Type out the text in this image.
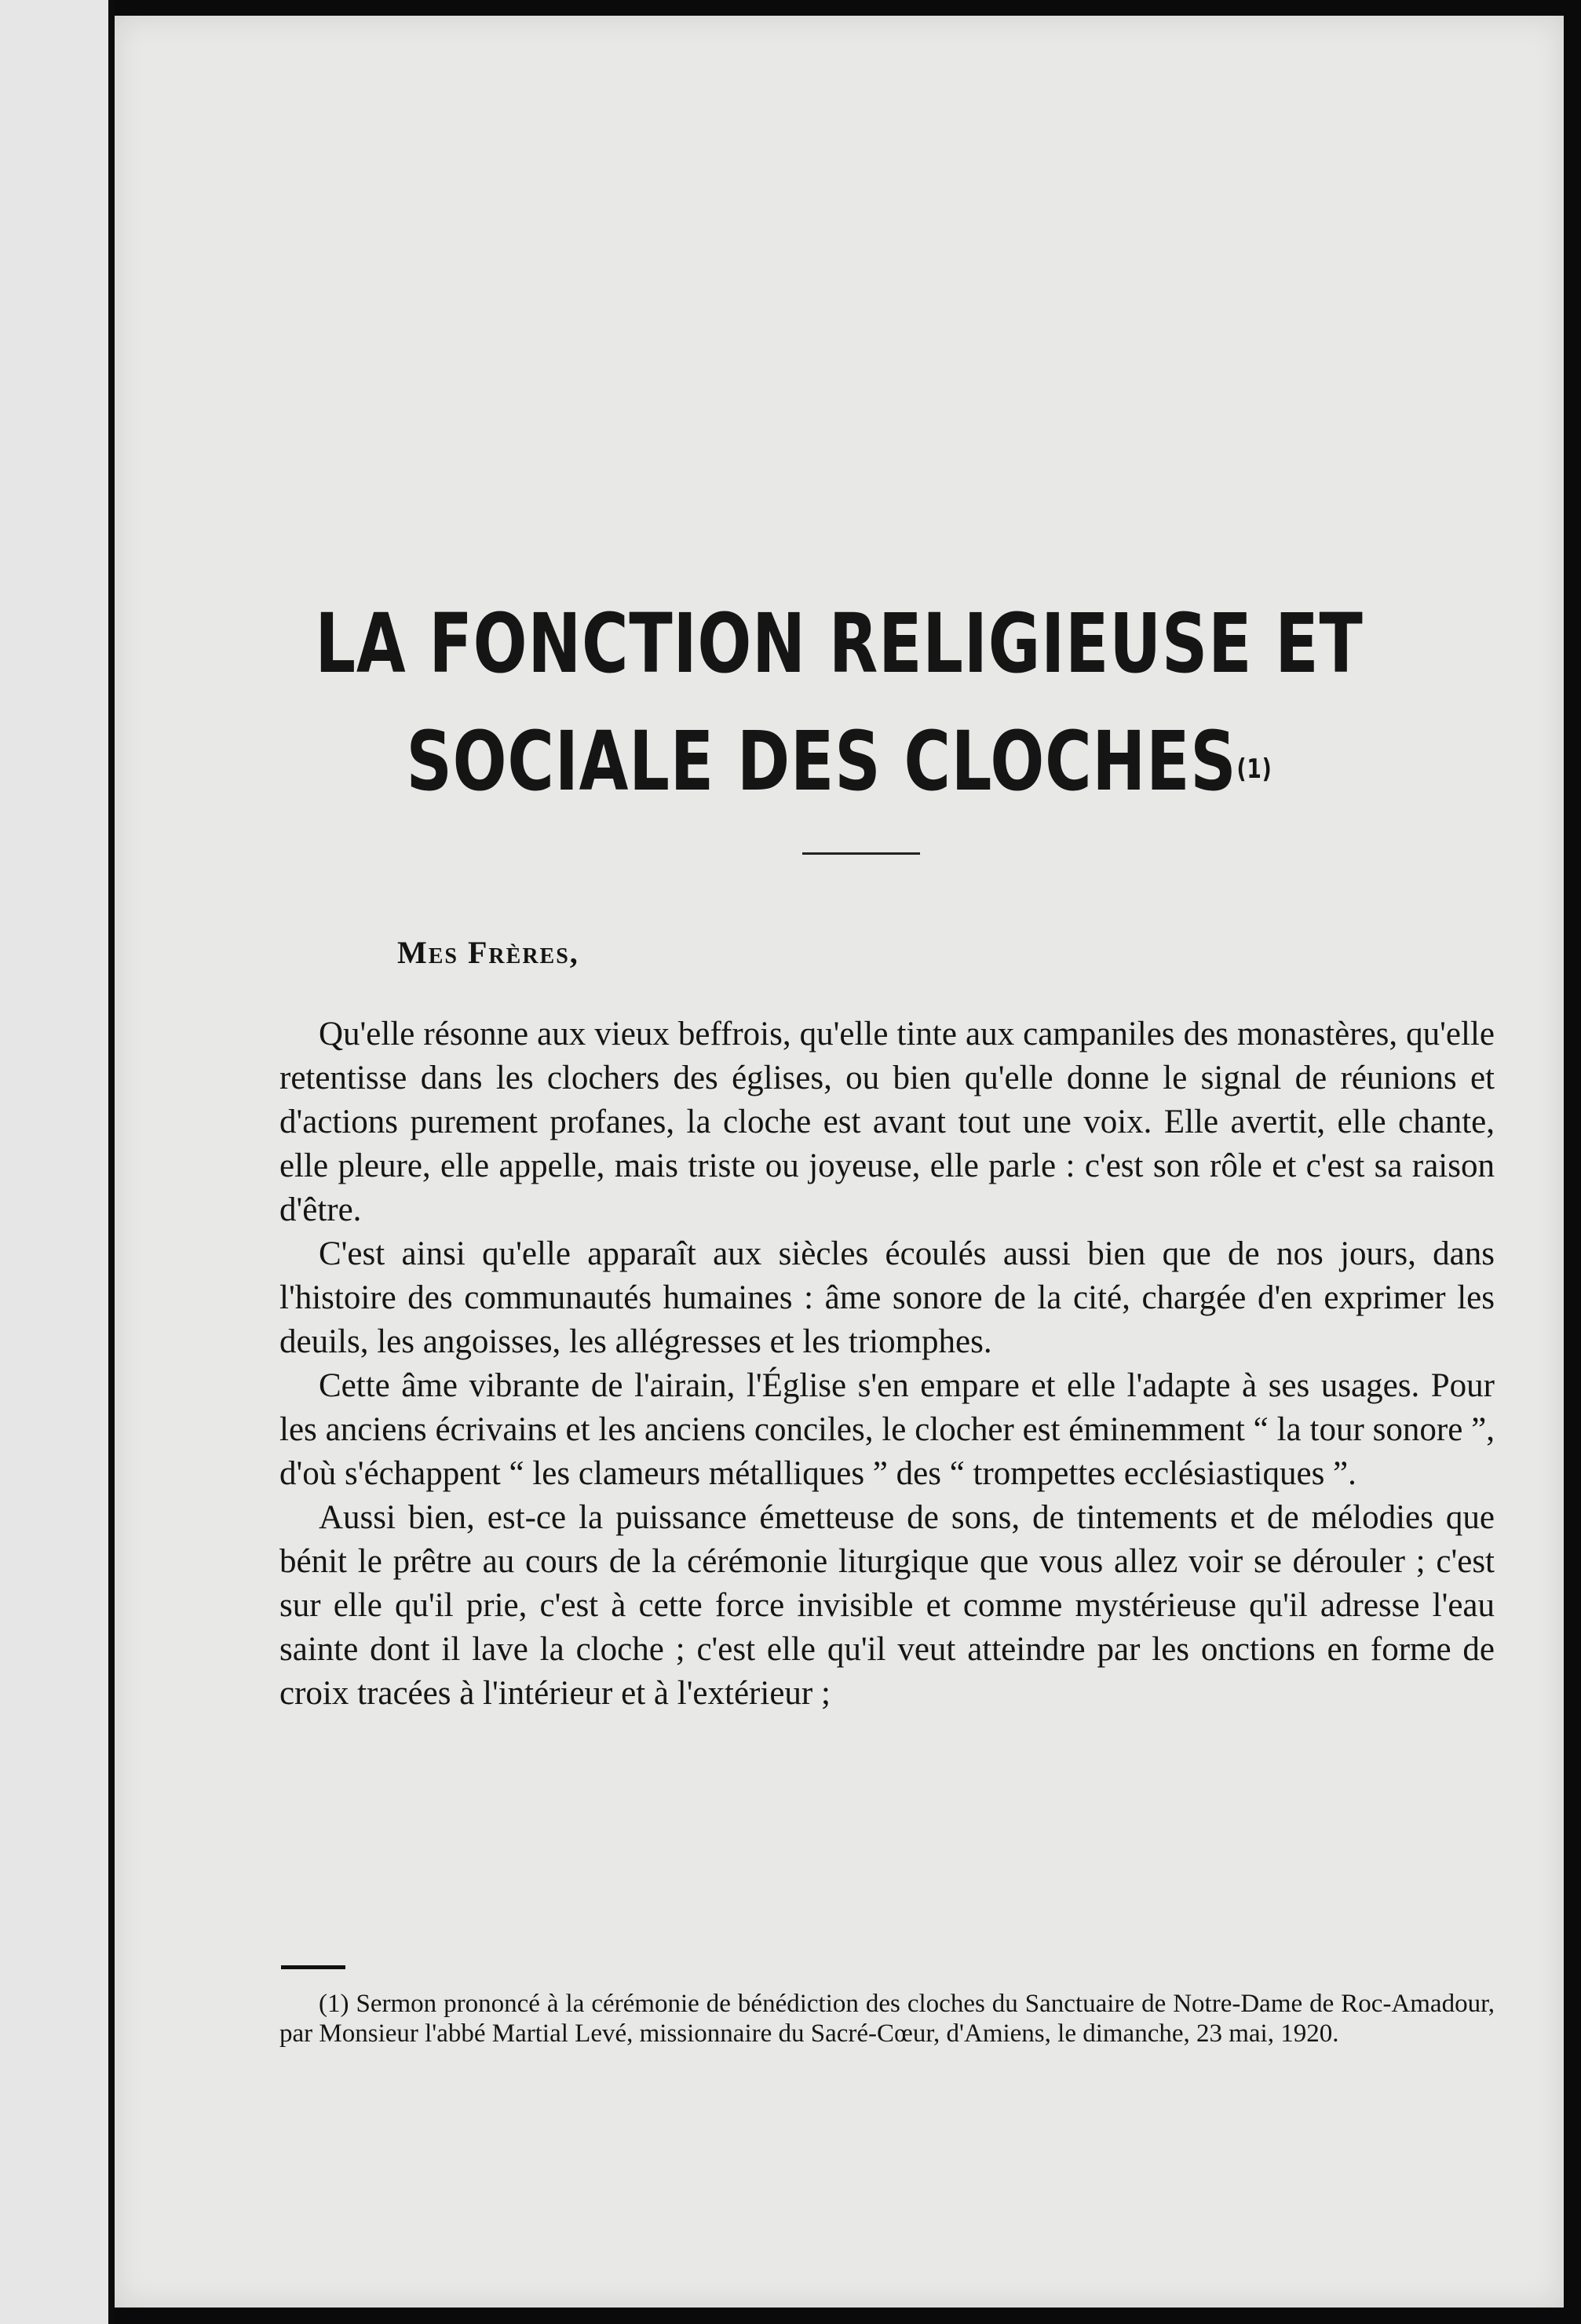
LA FONCTION RELIGIEUSE ET
SOCIALE DES CLOCHES$^{(1)}$
Mes Frères,

Qu'elle résonne aux vieux beffrois, qu'elle tinte aux campaniles des monastères, qu'elle retentisse dans les clochers des églises, ou bien qu'elle donne le signal de réunions et d'actions purement profanes, la cloche est avant tout une voix. Elle avertit, elle chante, elle pleure, elle appelle, mais triste ou joyeuse, elle parle : c'est son rôle et c'est sa raison d'être.

C'est ainsi qu'elle apparaît aux siècles écoulés aussi bien que de nos jours, dans l'histoire des communautés humaines : âme sonore de la cité, chargée d'en exprimer les deuils, les angoisses, les allégresses et les triomphes.

Cette âme vibrante de l'airain, l'Église s'en empare et elle l'adapte à ses usages. Pour les anciens écrivains et les anciens conciles, le clocher est éminemment “ la tour sonore ”, d'où s'échappent “ les clameurs métalliques ” des “ trompettes ecclésiastiques ”.

Aussi bien, est-ce la puissance émetteuse de sons, de tintements et de mélodies que bénit le prêtre au cours de la cérémonie liturgique que vous allez voir se dérouler ; c'est sur elle qu'il prie, c'est à cette force invisible et comme mystérieuse qu'il adresse l'eau sainte dont il lave la cloche ; c'est elle qu'il veut atteindre par les onctions en forme de croix tracées à l'intérieur et à l'extérieur ;

(1) Sermon prononcé à la cérémonie de bénédiction des cloches du Sanctuaire de Notre-Dame de Roc-Amadour, par Monsieur l'abbé Martial Levé, missionnaire du Sacré-Cœur, d'Amiens, le dimanche, 23 mai, 1920.
